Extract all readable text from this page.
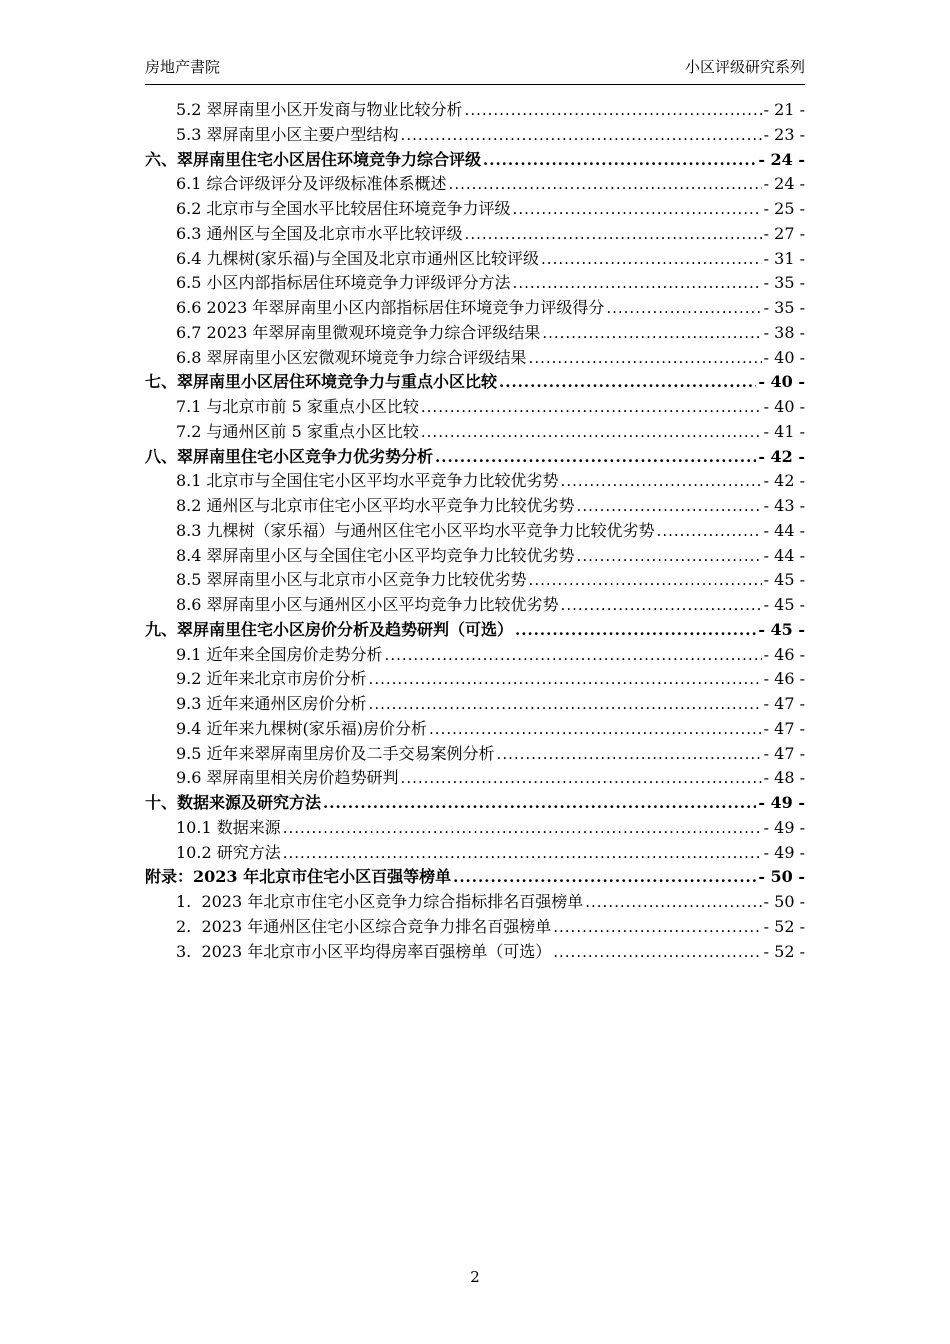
房地产書院	小区评级研究系列
5.2 翠屏南里小区开发商与物业比较分析 .....	- 21 -
5.3 翠屏南里小区主要户型结构 .....	- 23 -
六、翠屏南里住宅小区居住环境竞争力综合评级 .....	- 24 -
6.1 综合评级评分及评级标准体系概述 .....	- 24 -
6.2 北京市与全国水平比较居住环境竞争力评级 .....	- 25 -
6.3 通州区与全国及北京市水平比较评级 .....	- 27 -
6.4 九棵树(家乐福)与全国及北京市通州区比较评级 .....	- 31 -
6.5 小区内部指标居住环境竞争力评级评分方法 .....	- 35 -
6.6 2023 年翠屏南里小区内部指标居住环境竞争力评级得分 .....	- 35 -
6.7 2023 年翠屏南里微观环境竞争力综合评级结果 .....	- 38 -
6.8 翠屏南里小区宏微观环境竞争力综合评级结果 .....	- 40 -
七、翠屏南里小区居住环境竞争力与重点小区比较 .....	- 40 -
7.1 与北京市前 5 家重点小区比较 .....	- 40 -
7.2 与通州区前 5 家重点小区比较 .....	- 41 -
八、翠屏南里住宅小区竞争力优劣势分析 .....	- 42 -
8.1 北京市与全国住宅小区平均水平竞争力比较优劣势 .....	- 42 -
8.2 通州区与北京市住宅小区平均水平竞争力比较优劣势 .....	- 43 -
8.3 九棵树（家乐福）与通州区住宅小区平均水平竞争力比较优劣势 .....	- 44 -
8.4 翠屏南里小区与全国住宅小区平均竞争力比较优劣势 .....	- 44 -
8.5 翠屏南里小区与北京市小区竞争力比较优劣势 .....	- 45 -
8.6 翠屏南里小区与通州区小区平均竞争力比较优劣势 .....	- 45 -
九、翠屏南里住宅小区房价分析及趋势研判（可选） .....	- 45 -
9.1 近年来全国房价走势分析 .....	- 46 -
9.2 近年来北京市房价分析 .....	- 46 -
9.3 近年来通州区房价分析 .....	- 47 -
9.4 近年来九棵树(家乐福)房价分析 .....	- 47 -
9.5 近年来翠屏南里房价及二手交易案例分析 .....	- 47 -
9.6 翠屏南里相关房价趋势研判 .....	- 48 -
十、数据来源及研究方法 .....	- 49 -
10.1 数据来源 .....	- 49 -
10.2 研究方法 .....	- 49 -
附录：2023 年北京市住宅小区百强等榜单 .....	- 50 -
1.  2023 年北京市住宅小区竞争力综合指标排名百强榜单 .....	- 50 -
2.  2023 年通州区住宅小区综合竞争力排名百强榜单 .....	- 52 -
3.  2023 年北京市小区平均得房率百强榜单（可选） .....	- 52 -
2
